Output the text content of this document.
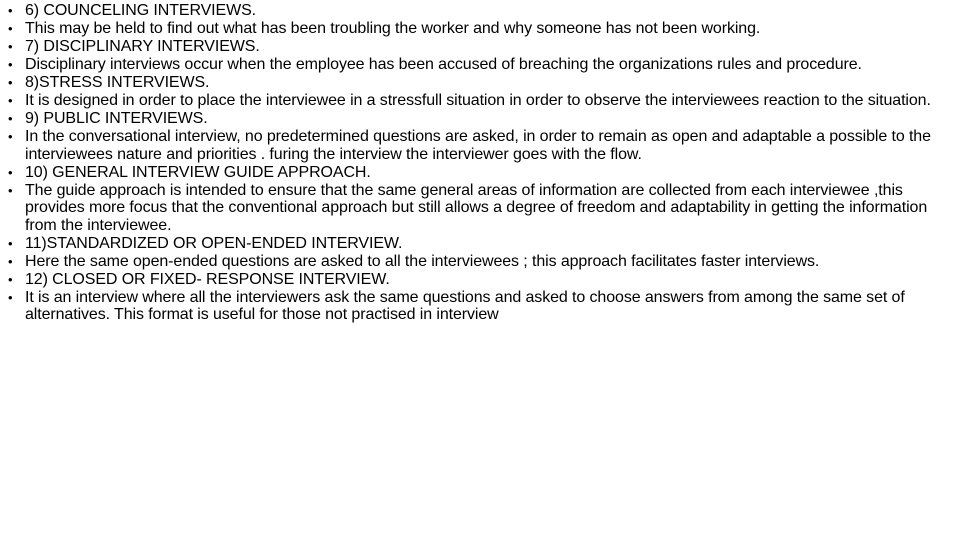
• 6) COUNCELING INTERVIEWS.
• This may be held to find out what has been troubling the worker and why someone has not been working.
• 7) DISCIPLINARY INTERVIEWS.
• Disciplinary interviews occur when the employee has been accused of breaching the organizations rules and procedure.
• 8)STRESS INTERVIEWS.
• It is designed in order to place the interviewee in a stressfull situation in order to observe the interviewees reaction to the situation.
• 9) PUBLIC INTERVIEWS.
• In the conversational interview, no predetermined questions are asked, in order to remain as open and adaptable a possible to the interviewees nature and priorities . furing the interview the interviewer goes with the flow.
• 10) GENERAL INTERVIEW GUIDE APPROACH.
• The guide approach is intended to ensure that the same general areas of information are collected from each interviewee ,this provides more focus that the conventional approach but still allows a degree of freedom and adaptability in getting the information from the interviewee.
• 11)STANDARDIZED OR OPEN-ENDED INTERVIEW.
• Here the same open-ended questions are asked to all the interviewees ; this approach facilitates faster interviews.
• 12) CLOSED OR FIXED- RESPONSE INTERVIEW.
• It is an interview where all the interviewers ask the same questions and asked to choose answers from among the same set of alternatives. This format is useful for those not practised in interview
